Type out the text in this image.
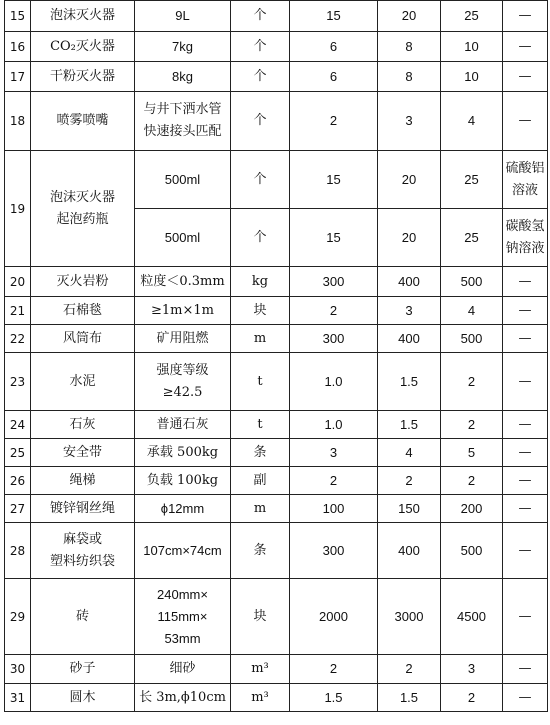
15	泡沫灭火器	9L	个	15	20	25	—
16	CO₂灭火器	7kg	个	6	8	10	—
17	干粉灭火器	8kg	个	6	8	10	—
18	喷雾喷嘴	与井下洒水管
快速接头匹配	个	2	3	4	—
19	泡沫灭火器
起泡药瓶	500ml	个	15	20	25	硫酸铝
溶液
		500ml	个	15	20	25	碳酸氢
钠溶液
20	灭火岩粉	粒度＜0.3mm	kg	300	400	500	—
21	石棉毯	≥1m×1m	块	2	3	4	—
22	风筒布	矿用阻燃	m	300	400	500	—
23	水泥	强度等级
≥42.5	t	1.0	1.5	2	—
24	石灰	普通石灰	t	1.0	1.5	2	—
25	安全带	承载 500kg	条	3	4	5	—
26	绳梯	负载 100kg	副	2	2	2	—
27	镀锌钢丝绳	ϕ12mm	m	100	150	200	—
28	麻袋或
塑料纺织袋	107cm×74cm	条	300	400	500	—
29	砖	240mm×
115mm×
53mm	块	2000	3000	4500	—
30	砂子	细砂	m³	2	2	3	—
31	圆木	长 3m,ϕ10cm	m³	1.5	1.5	2	—
